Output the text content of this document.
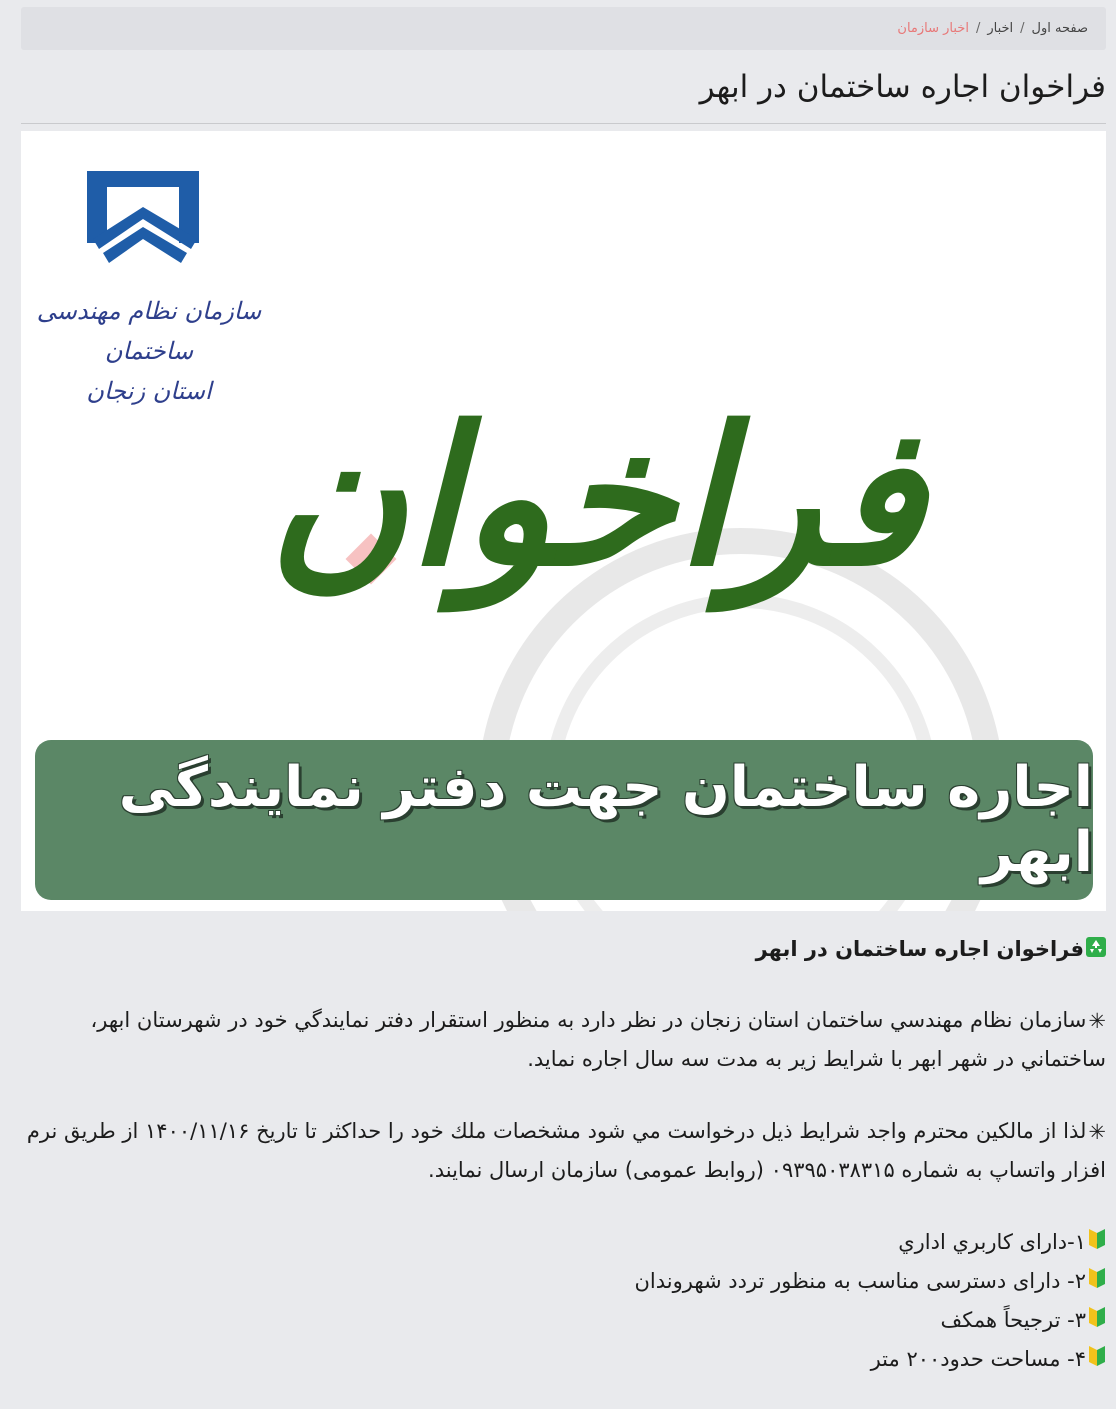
صفحه اول
/
اخبار
/
اخبار سازمان
فراخوان اجاره ساختمان در ابهر
سازمان نظام مهندسی ساختمان
استان زنجان فراخوان
اجاره ساختمان جهت دفتر نمایندگی ابهر
فراخوان اجاره ساختمان در ابهر

✳سازمان نظام مهندسي ساختمان استان زنجان در نظر دارد به منظور استقرار دفتر نمايندگي خود در شهرستان ابهر، ساختماني در شهر ابهر با شرايط زير به مدت سه سال اجاره نمايد.

✳لذا از مالكين محترم واجد شرايط ذيل درخواست مي شود مشخصات ملك خود را حداكثر تا تاريخ ۱۴۰۰/۱۱/۱۶ از طريق نرم افزار واتساپ به شماره ۰۹۳۹۵۰۳۸۳۱۵ (روابط عمومی) سازمان ارسال نمایند.

۱-دارای کاربري اداري
۲- دارای دسترسی مناسب به منظور تردد شهروندان
۳- ترجیحاً همکف
۴- مساحت حدود۲۰۰ متر
